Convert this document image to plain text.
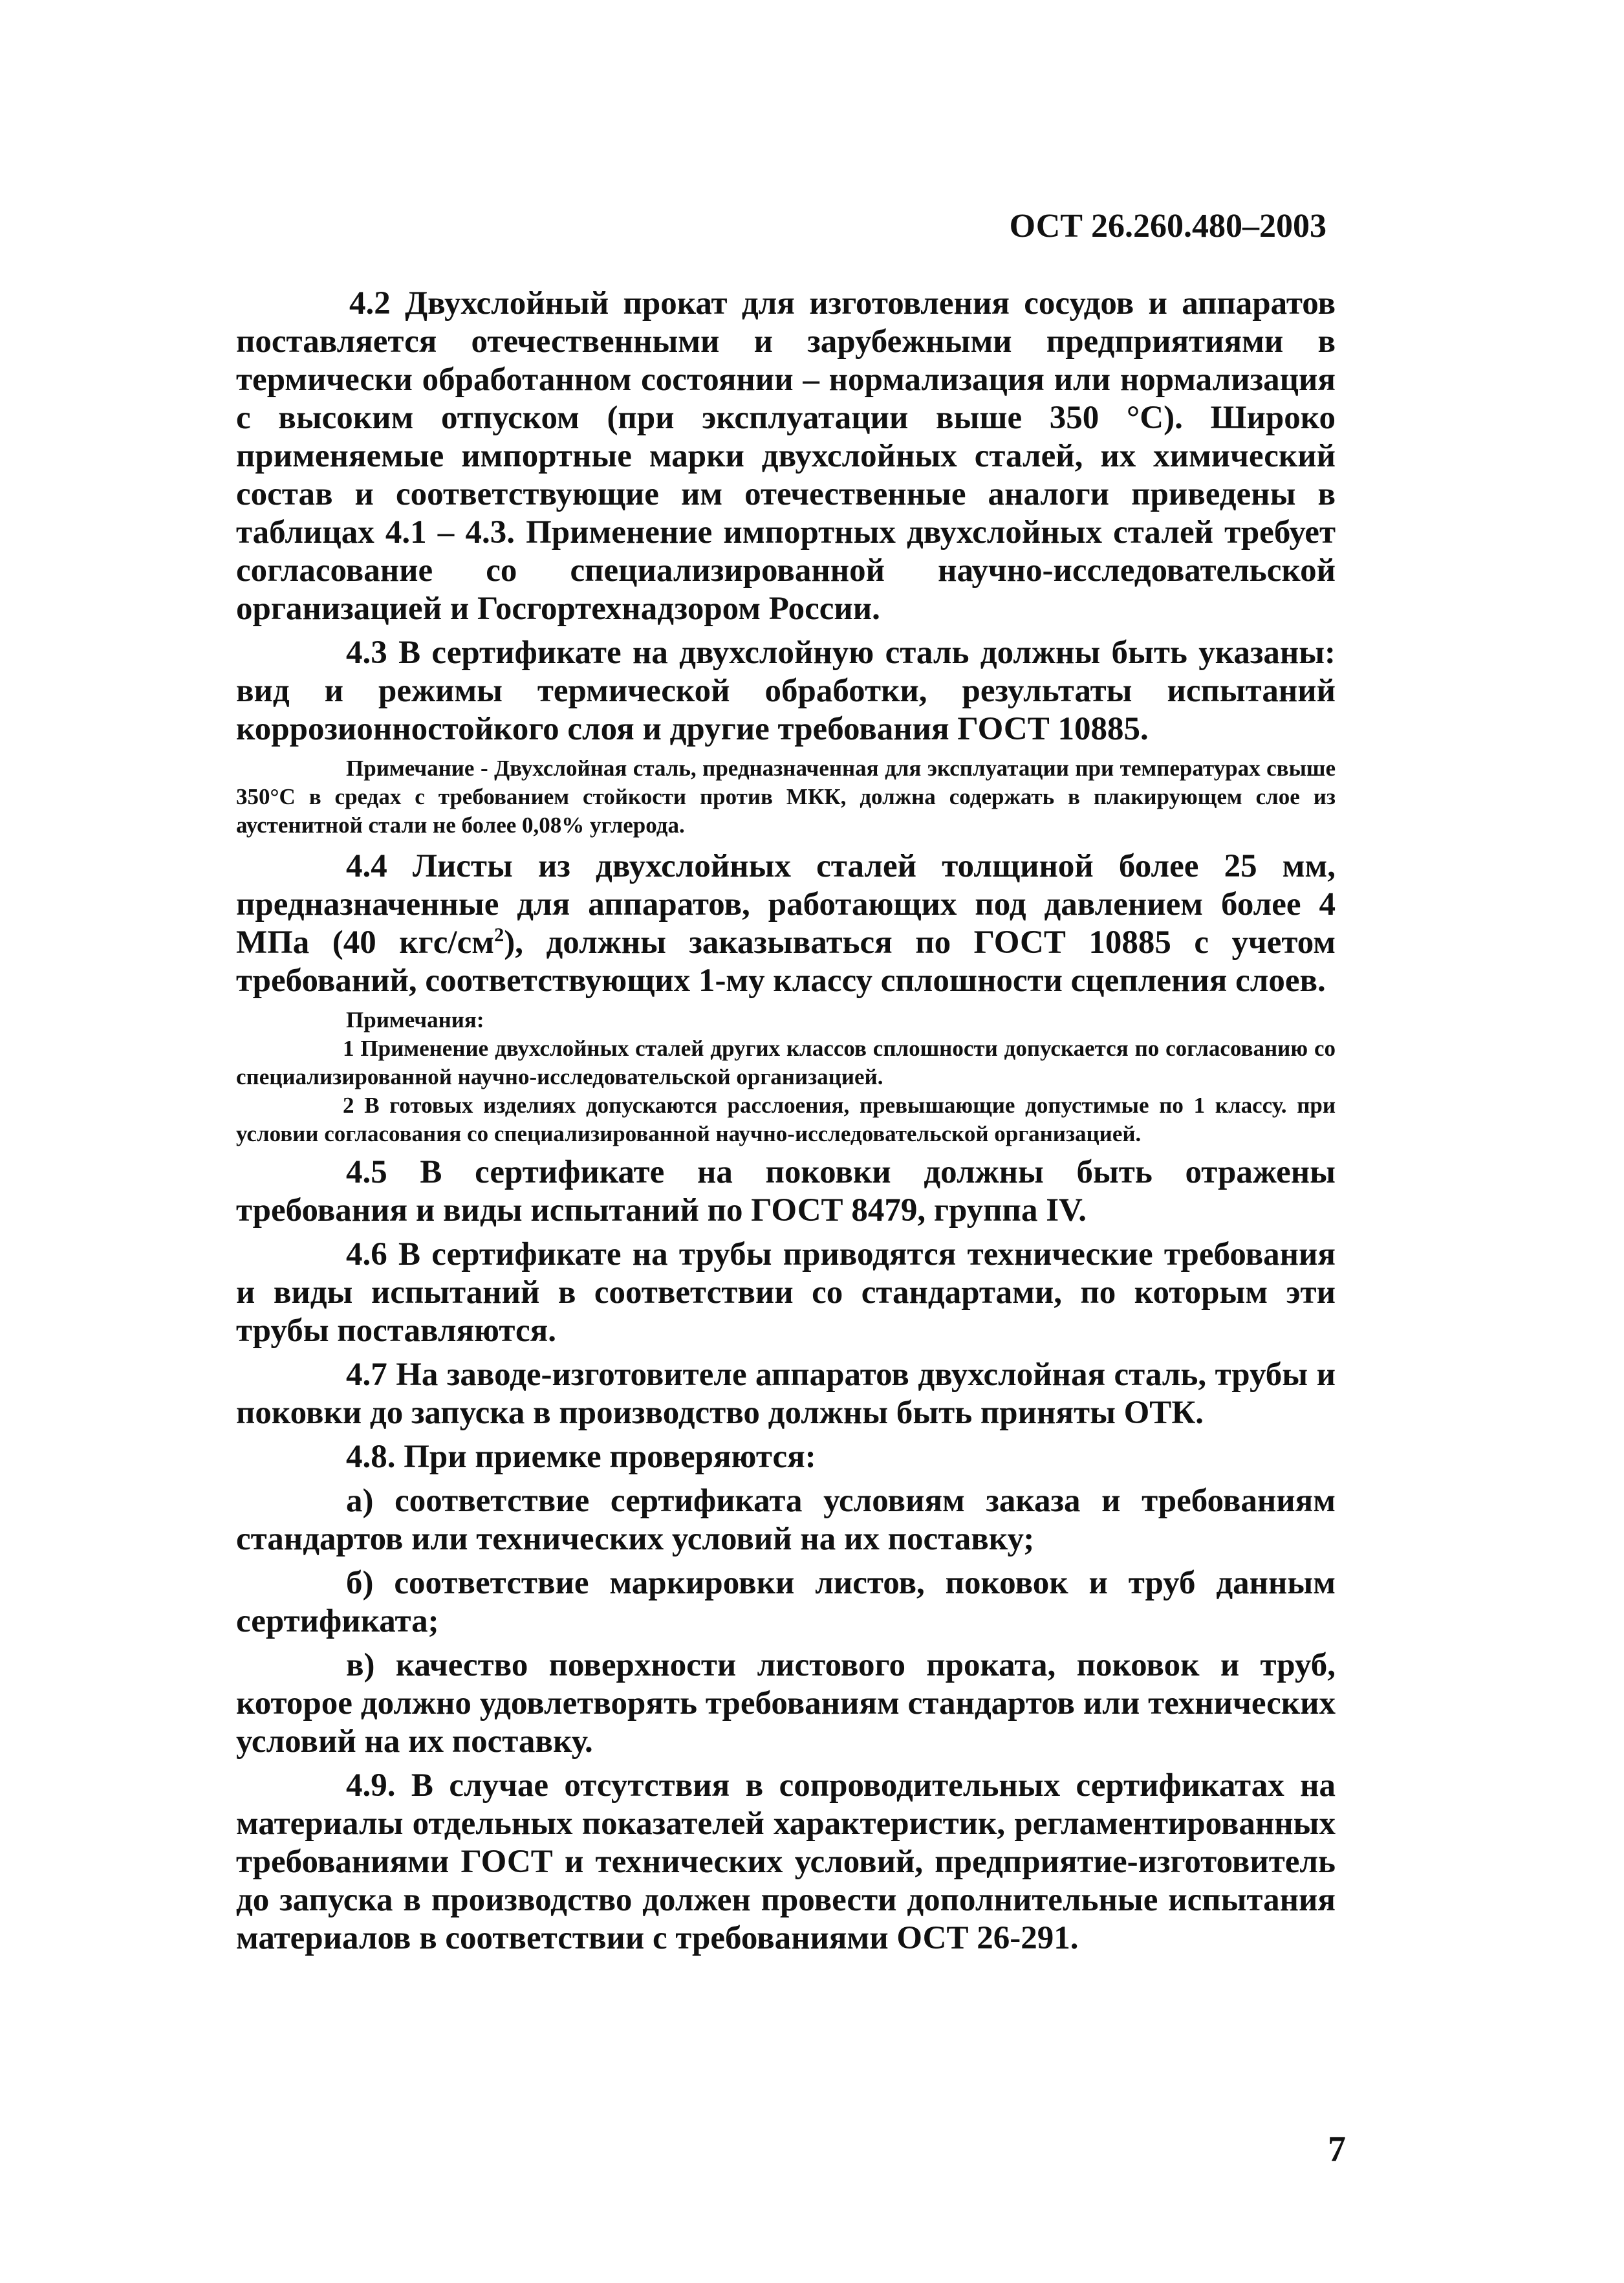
ОСТ 26.260.480–2003

4.2 Двухслойный прокат для изготовления сосудов и аппаратов поставляется отечественными и зарубежными предприятиями в термически обработанном состоянии – нормализация или нормализация с высоким отпуском (при эксплуатации выше 350 °С). Широко применяемые импортные марки двухслойных сталей, их химический состав и соответствующие им отечественные аналоги приведены в таблицах 4.1 – 4.3. Применение импортных двухслойных сталей требует согласование со специализированной научно-исследовательской организацией и Госгортехнадзором России.

4.3 В сертификате на двухслойную сталь должны быть указаны: вид и режимы термической обработки, результаты испытаний коррозионностойкого слоя и другие требования ГОСТ 10885.

Примечание - Двухслойная сталь, предназначенная для эксплуатации при температурах свыше 350°С в средах с требованием стойкости против МКК, должна содержать в плакирующем слое из аустенитной стали не более 0,08% углерода.

4.4 Листы из двухслойных сталей толщиной более 25 мм, предназначенные для аппаратов, работающих под давлением более 4 МПа (40 кгс/$см^2$), должны заказываться по ГОСТ 10885 с учетом требований, соответствующих 1-му классу сплошности сцепления слоев.

Примечания:

1 Применение двухслойных сталей других классов сплошности допускается по согласованию со специализированной научно-исследовательской организацией.

2 В готовых изделиях допускаются расслоения, превышающие допустимые по 1 классу. при условии согласования со специализированной научно-исследовательской организацией.

4.5 В сертификате на поковки должны быть отражены требования и виды испытаний по ГОСТ 8479, группа IV.

4.6 В сертификате на трубы приводятся технические требования и виды испытаний в соответствии со стандартами, по которым эти трубы поставляются.

4.7 На заводе-изготовителе аппаратов двухслойная сталь, трубы и поковки до запуска в производство должны быть приняты ОТК.

4.8. При приемке проверяются:

а) соответствие сертификата условиям заказа и требованиям стандартов или технических условий на их поставку;

б) соответствие маркировки листов, поковок и труб данным сертификата;

в) качество поверхности листового проката, поковок и труб, которое должно удовлетворять требованиям стандартов или технических условий на их поставку.

4.9. В случае отсутствия в сопроводительных сертификатах на материалы отдельных показателей характеристик, регламентированных требованиями ГОСТ и технических условий, предприятие-изготовитель до запуска в производство должен провести дополнительные испытания материалов в соответствии с требованиями ОСТ 26-291.

7
